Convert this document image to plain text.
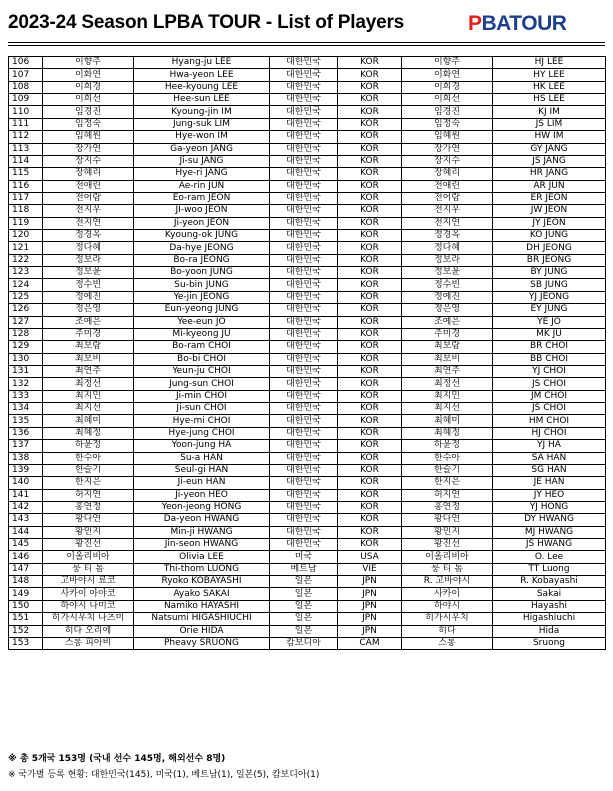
2023-24 Season LPBA TOUR - List of Players	PBATOUR
106	이향주	Hyang-ju LEE	대한민국	KOR	이향주	HJ LEE
107	이화연	Hwa-yeon LEE	대한민국	KOR	이화연	HY LEE
108	이희경	Hee-kyoung LEE	대한민국	KOR	이희경	HK LEE
109	이희선	Hee-sun LEE	대한민국	KOR	이희선	HS LEE
110	임경진	Kyoung-jin IM	대한민국	KOR	임경진	KJ IM
111	임정숙	Jung-suk LIM	대한민국	KOR	임정숙	JS LIM
112	임혜원	Hye-won IM	대한민국	KOR	임혜원	HW IM
113	장가연	Ga-yeon JANG	대한민국	KOR	장가연	GY JANG
114	장지수	Ji-su JANG	대한민국	KOR	장지수	JS JANG
115	장혜리	Hye-ri JANG	대한민국	KOR	장혜리	HR JANG
116	전애린	Ae-rin JUN	대한민국	KOR	전애린	AR JUN
117	전어람	Eo-ram JEON	대한민국	KOR	전어람	ER JEON
118	전지우	JI-woo JEON	대한민국	KOR	전지우	JW JEON
119	전지연	Ji-yeon JEON	대한민국	KOR	전지연	JY JEON
120	정경옥	Kyoung-ok JUNG	대한민국	KOR	정경옥	KO JUNG
121	정다혜	Da-hye JEONG	대한민국	KOR	정다혜	DH JEONG
122	정보라	Bo-ra JEONG	대한민국	KOR	정보라	BR JEONG
123	정보윤	Bo-yoon JUNG	대한민국	KOR	정보윤	BY JUNG
124	정수빈	Su-bin JUNG	대한민국	KOR	정수빈	SB JUNG
125	정예진	Ye-jin JEONG	대한민국	KOR	정예진	YJ JEONG
126	정은영	Eun-yeong JUNG	대한민국	KOR	정은영	EY JUNG
127	조예은	Yee-eun JO	대한민국	KOR	조예은	YE JO
128	주미경	Mi-kyeong JU	대한민국	KOR	주미경	MK JU
129	최보람	Bo-ram CHOI	대한민국	KOR	최보람	BR CHOI
130	최보비	Bo-bi CHOI	대한민국	KOR	최보비	BB CHOI
131	최연주	Yeun-ju CHOI	대한민국	KOR	최연주	YJ CHOI
132	최정선	Jung-sun CHOI	대한민국	KOR	최정선	JS CHOI
133	최지민	Ji-min CHOI	대한민국	KOR	최지민	JM CHOI
134	최지선	Ji-sun CHOI	대한민국	KOR	최지선	JS CHOI
135	최혜미	Hye-mi CHOI	대한민국	KOR	최혜미	HM CHOI
136	최혜정	Hye-jung CHOI	대한민국	KOR	최혜정	HJ CHOI
137	하윤정	Yoon-jung HA	대한민국	KOR	하윤정	YJ HA
138	한수아	Su-a HAN	대한민국	KOR	한수아	SA HAN
139	한슬기	Seul-gi HAN	대한민국	KOR	한슬기	SG HAN
140	한지은	Ji-eun HAN	대한민국	KOR	한지은	JE HAN
141	허지연	Ji-yeon HEO	대한민국	KOR	허지연	JY HEO
142	홍연정	Yeon-jeong HONG	대한민국	KOR	홍연정	YJ HONG
143	황다연	Da-yeon HWANG	대한민국	KOR	황다연	DY HWANG
144	황민지	Min-ji HWANG	대한민국	KOR	황민지	MJ HWANG
145	황진선	Jin-seon HWANG	대한민국	KOR	황진선	JS HWANG
146	이올리비아	Olivia LEE	미국	USA	이올리비아	O. Lee
147	룽 티 톰	Thi-thom LUONG	베트남	VIE	룽 티 톰	TT Luong
148	고바야시 료코	Ryoko KOBAYASHI	일본	JPN	R. 고바야시	R. Kobayashi
149	사카이 아야코	Ayako SAKAI	일본	JPN	사카이	Sakai
150	하야시 나미코	Namiko HAYASHI	일본	JPN	하야시	Hayashi
151	히가시우치 나츠미	Natsumi HIGASHIUCHI	일본	JPN	히가시우치	Higashiuchi
152	히다 오리에	Orie HIDA	일본	JPN	히다	Hida
153	스롱 피아비	Pheavy SRUONG	캄보디아	CAM	스롱	Sruong
※ 총 5개국 153명 (국내 선수 145명, 해외선수 8명)
※ 국가별 등록 현황: 대한민국(145), 미국(1), 베트남(1), 일본(5), 캄보디아(1)
